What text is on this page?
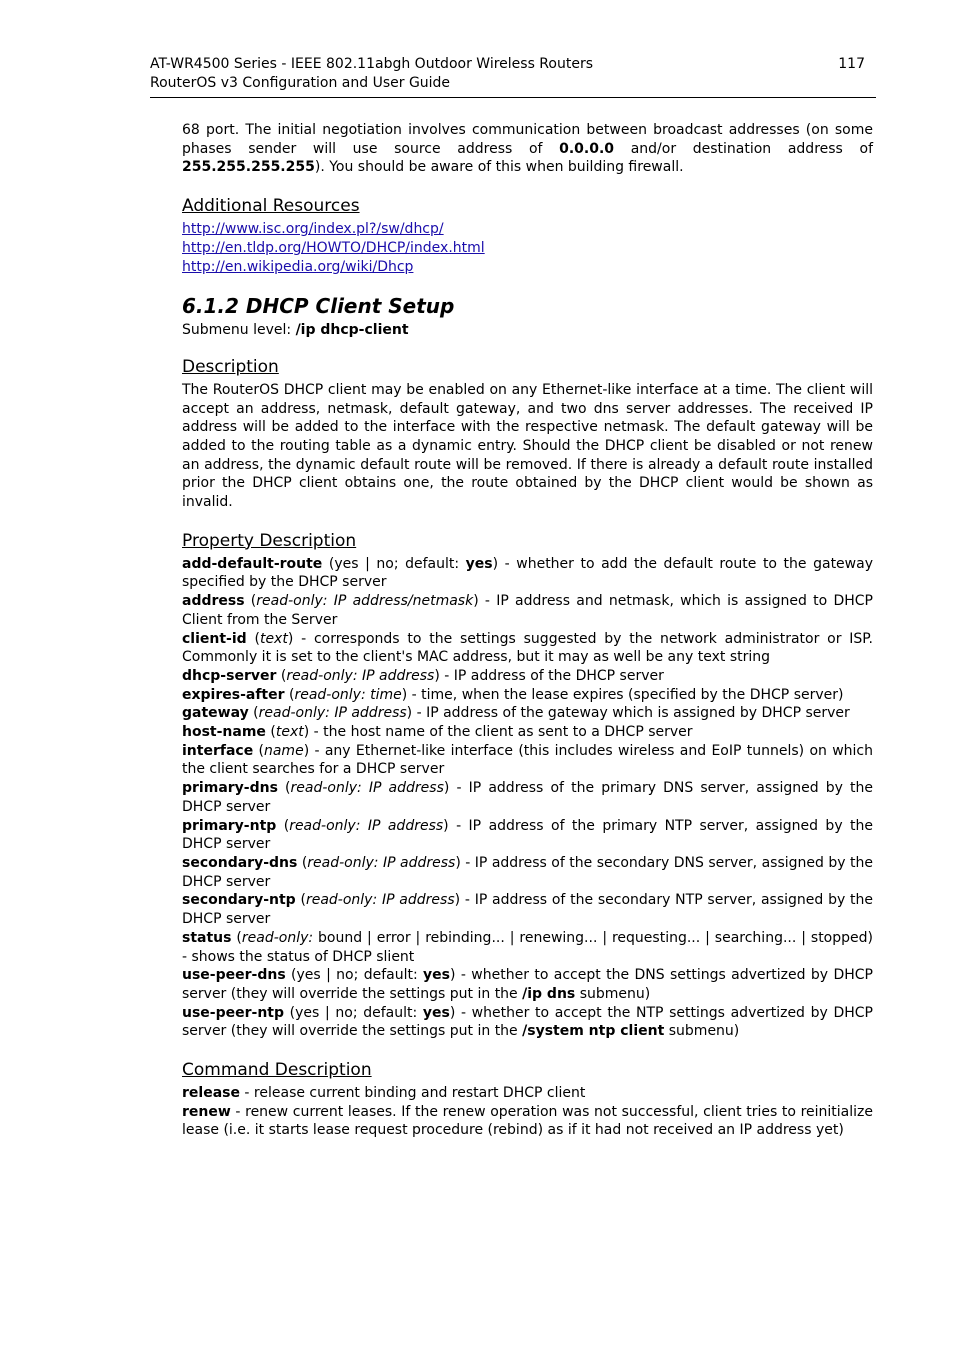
AT-WR4500 Series - IEEE 802.11abgh Outdoor Wireless Routers
RouterOS v3 Configuration and User Guide
117

68 port. The initial negotiation involves communication between broadcast addresses (on some phases sender will use source address of 0.0.0.0 and/or destination address of 255.255.255.255). You should be aware of this when building firewall.

Additional Resources

http://www.isc.org/index.pl?/sw/dhcp/
http://en.tldp.org/HOWTO/DHCP/index.html
http://en.wikipedia.org/wiki/Dhcp

6.1.2 DHCP Client Setup

Submenu level: /ip dhcp-client

Description

The RouterOS DHCP client may be enabled on any Ethernet-like interface at a time. The client will accept an address, netmask, default gateway, and two dns server addresses. The received IP address will be added to the interface with the respective netmask. The default gateway will be added to the routing table as a dynamic entry. Should the DHCP client be disabled or not renew an address, the dynamic default route will be removed. If there is already a default route installed prior the DHCP client obtains one, the route obtained by the DHCP client would be shown as invalid.

Property Description

add-default-route (yes | no; default: yes) - whether to add the default route to the gateway specified by the DHCP server

address (read-only: IP address/netmask) - IP address and netmask, which is assigned to DHCP Client from the Server

client-id (text) - corresponds to the settings suggested by the network administrator or ISP. Commonly it is set to the client's MAC address, but it may as well be any text string

dhcp-server (read-only: IP address) - IP address of the DHCP server

expires-after (read-only: time) - time, when the lease expires (specified by the DHCP server)

gateway (read-only: IP address) - IP address of the gateway which is assigned by DHCP server

host-name (text) - the host name of the client as sent to a DHCP server

interface (name) - any Ethernet-like interface (this includes wireless and EoIP tunnels) on which the client searches for a DHCP server

primary-dns (read-only: IP address) - IP address of the primary DNS server, assigned by the DHCP server

primary-ntp (read-only: IP address) - IP address of the primary NTP server, assigned by the DHCP server

secondary-dns (read-only: IP address) - IP address of the secondary DNS server, assigned by the DHCP server

secondary-ntp (read-only: IP address) - IP address of the secondary NTP server, assigned by the DHCP server

status (read-only: bound | error | rebinding... | renewing... | requesting... | searching... | stopped) - shows the status of DHCP slient

use-peer-dns (yes | no; default: yes) - whether to accept the DNS settings advertized by DHCP server (they will override the settings put in the /ip dns submenu)

use-peer-ntp (yes | no; default: yes) - whether to accept the NTP settings advertized by DHCP server (they will override the settings put in the /system ntp client submenu)

Command Description

release - release current binding and restart DHCP client

renew - renew current leases. If the renew operation was not successful, client tries to reinitialize lease (i.e. it starts lease request procedure (rebind) as if it had not received an IP address yet)
